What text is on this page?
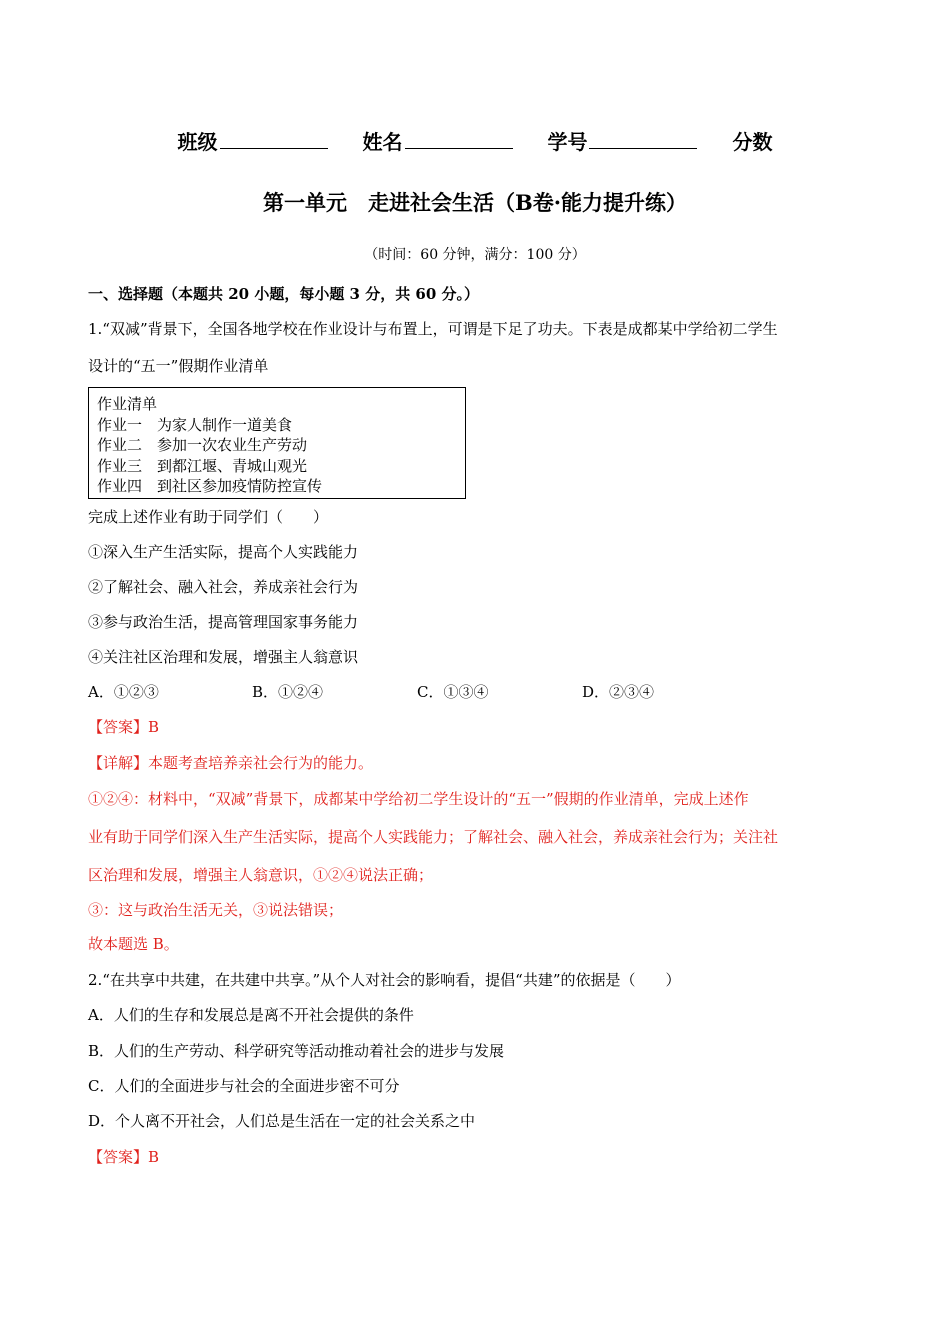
班级	姓名	学号	分数
第一单元　走进社会生活（B卷·能力提升练）
（时间：60 分钟，满分：100 分）
一、选择题（本题共 20 小题，每小题 3 分，共 60 分。）
1.“双减”背景下，全国各地学校在作业设计与布置上，可谓是下足了功夫。下表是成都某中学给初二学生
设计的“五一”假期作业清单
作业清单
作业一　为家人制作一道美食
作业二　参加一次农业生产劳动
作业三　到都江堰、青城山观光
作业四　到社区参加疫情防控宣传
完成上述作业有助于同学们（　　）
①深入生产生活实际，提高个人实践能力
②了解社会、融入社会，养成亲社会行为
③参与政治生活，提高管理国家事务能力
④关注社区治理和发展，增强主人翁意识
A．①②③	B．①②④	C．①③④	D．②③④
【答案】B
【详解】本题考查培养亲社会行为的能力。
①②④：材料中，“双减”背景下，成都某中学给初二学生设计的“五一”假期的作业清单，完成上述作
业有助于同学们深入生产生活实际，提高个人实践能力；了解社会、融入社会，养成亲社会行为；关注社
区治理和发展，增强主人翁意识，①②④说法正确；
③：这与政治生活无关，③说法错误；
故本题选 B。
2.“在共享中共建，在共建中共享。”从个人对社会的影响看，提倡“共建”的依据是（　　）
A．人们的生存和发展总是离不开社会提供的条件
B．人们的生产劳动、科学研究等活动推动着社会的进步与发展
C．人们的全面进步与社会的全面进步密不可分
D．个人离不开社会，人们总是生活在一定的社会关系之中
【答案】B
